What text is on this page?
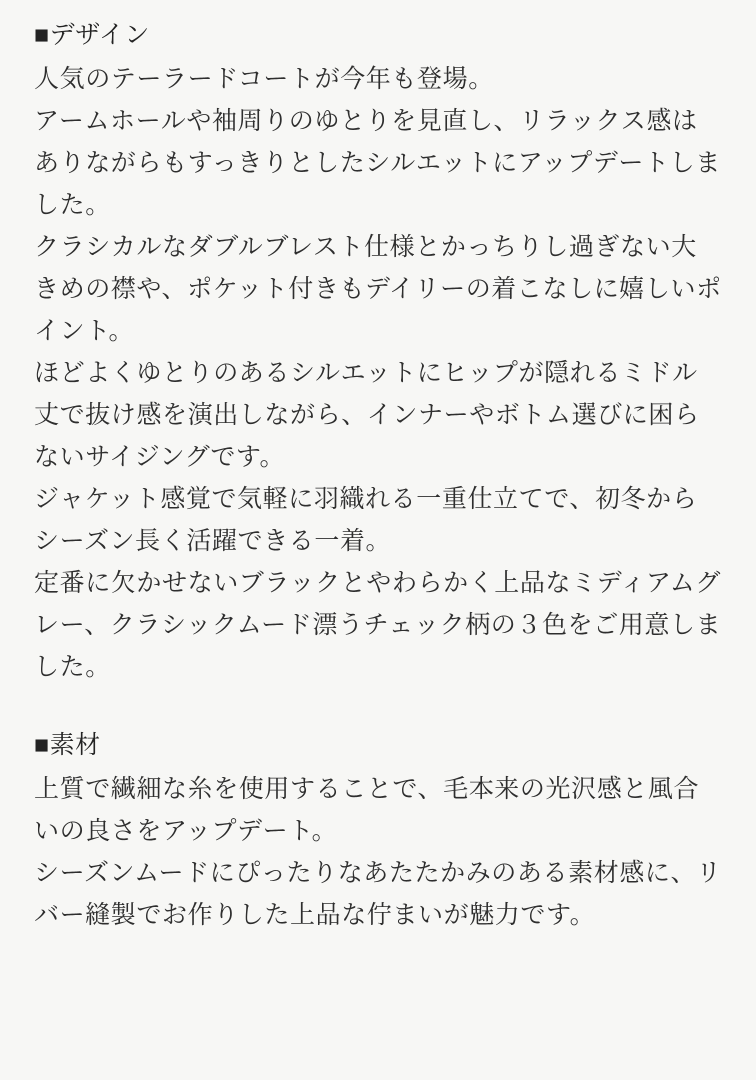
■デザイン

人気のテーラードコートが今年も登場。

アームホールや袖周りのゆとりを見直し、リラックス感はありながらもすっきりとしたシルエットにアップデートしました。

クラシカルなダブルブレスト仕様とかっちりし過ぎない大きめの襟や、ポケット付きもデイリーの着こなしに嬉しいポイント。

ほどよくゆとりのあるシルエットにヒップが隠れるミドル丈で抜け感を演出しながら、インナーやボトム選びに困らないサイジングです。

ジャケット感覚で気軽に羽織れる一重仕立てで、初冬からシーズン長く活躍できる一着。

定番に欠かせないブラックとやわらかく上品なミディアムグレー、クラシックムード漂うチェック柄の３色をご用意しました。

■素材

上質で繊細な糸を使用することで、毛本来の光沢感と風合いの良さをアップデート。

シーズンムードにぴったりなあたたかみのある素材感に、リバー縫製でお作りした上品な佇まいが魅力です。
